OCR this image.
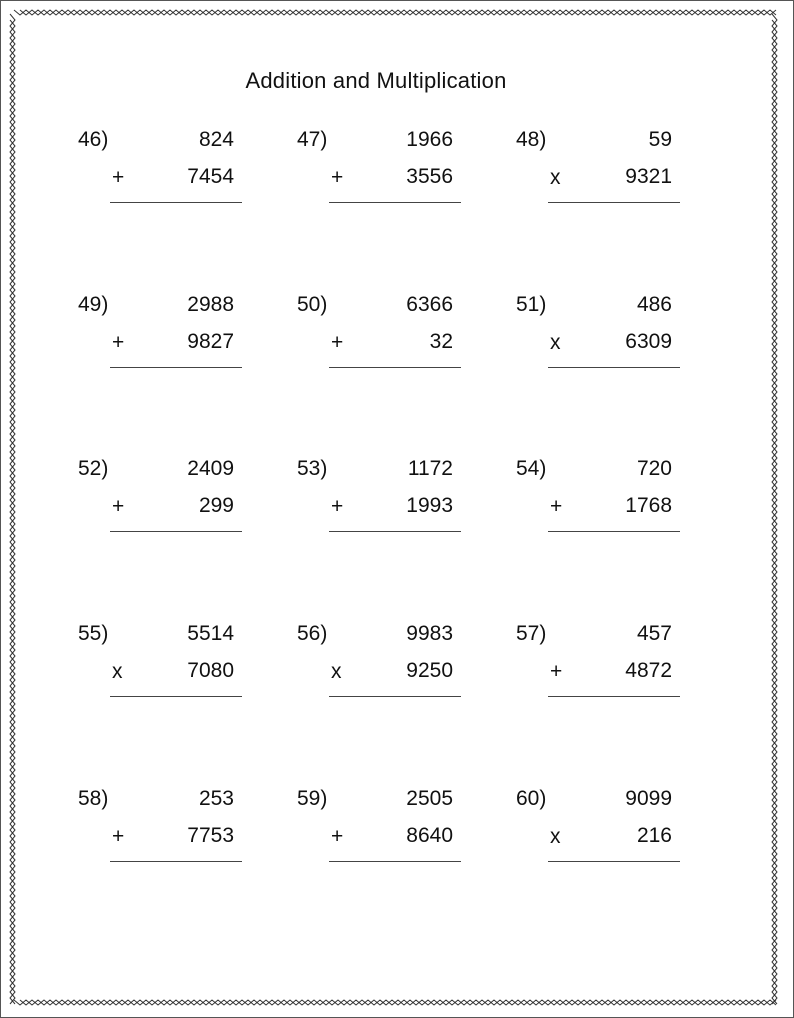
Addition and Multiplication
46)	824
+	7454
47)	1966
+	3556
48)	59
x	9321
49)	2988
+	9827
50)	6366
+	32
51)	486
x	6309
52)	2409
+	299
53)	1172
+	1993
54)	720
+	1768
55)	5514
x	7080
56)	9983
x	9250
57)	457
+	4872
58)	253
+	7753
59)	2505
+	8640
60)	9099
x	216
